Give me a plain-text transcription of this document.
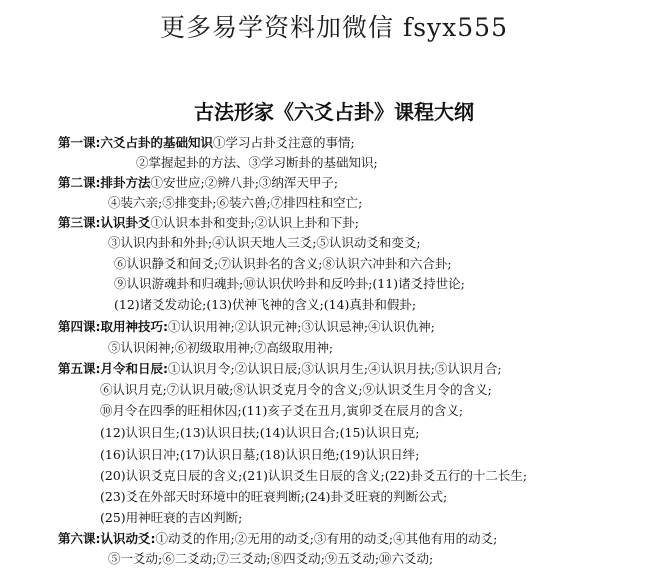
更多易学资料加微信 fsyx555
古法形家《六爻占卦》课程大纲
第一课:六爻占卦的基础知识①学习占卦爻注意的事情;
②掌握起卦的方法、③学习断卦的基础知识;
第二课:排卦方法①安世应;②辨八卦;③纳浑天甲子;
④装六亲;⑤排变卦;⑥装六兽;⑦排四柱和空亡;
第三课:认识卦爻①认识本卦和变卦;②认识上卦和下卦;
③认识内卦和外卦;④认识天地人三爻;⑤认识动爻和变爻;
⑥认识静爻和间爻;⑦认识卦名的含义;⑧认识六冲卦和六合卦;
⑨认识游魂卦和归魂卦;⑩认识伏吟卦和反吟卦;(11)诸爻持世论;
(12)诸爻发动论;(13)伏神飞神的含义;(14)真卦和假卦;
第四课:取用神技巧:①认识用神;②认识元神;③认识忌神;④认识仇神;
⑤认识闲神;⑥初级取用神;⑦高级取用神;
第五课:月令和日辰:①认识月令;②认识日辰;③认识月生;④认识月扶;⑤认识月合;
⑥认识月克;⑦认识月破;⑧认识爻克月令的含义;⑨认识爻生月令的含义;
⑩月令在四季的旺相休囚;(11)亥子爻在丑月,寅卯爻在辰月的含义;
(12)认识日生;(13)认识日扶;(14)认识日合;(15)认识日克;
(16)认识日冲;(17)认识日墓;(18)认识日绝;(19)认识日绊;
(20)认识爻克日辰的含义;(21)认识爻生日辰的含义;(22)卦爻五行的十二长生;
(23)爻在外部天时环境中的旺衰判断;(24)卦爻旺衰的判断公式;
(25)用神旺衰的吉凶判断;
第六课:认识动爻:①动爻的作用;②无用的动爻;③有用的动爻;④其他有用的动爻;
⑤一爻动;⑥二爻动;⑦三爻动;⑧四爻动;⑨五爻动;⑩六爻动;
